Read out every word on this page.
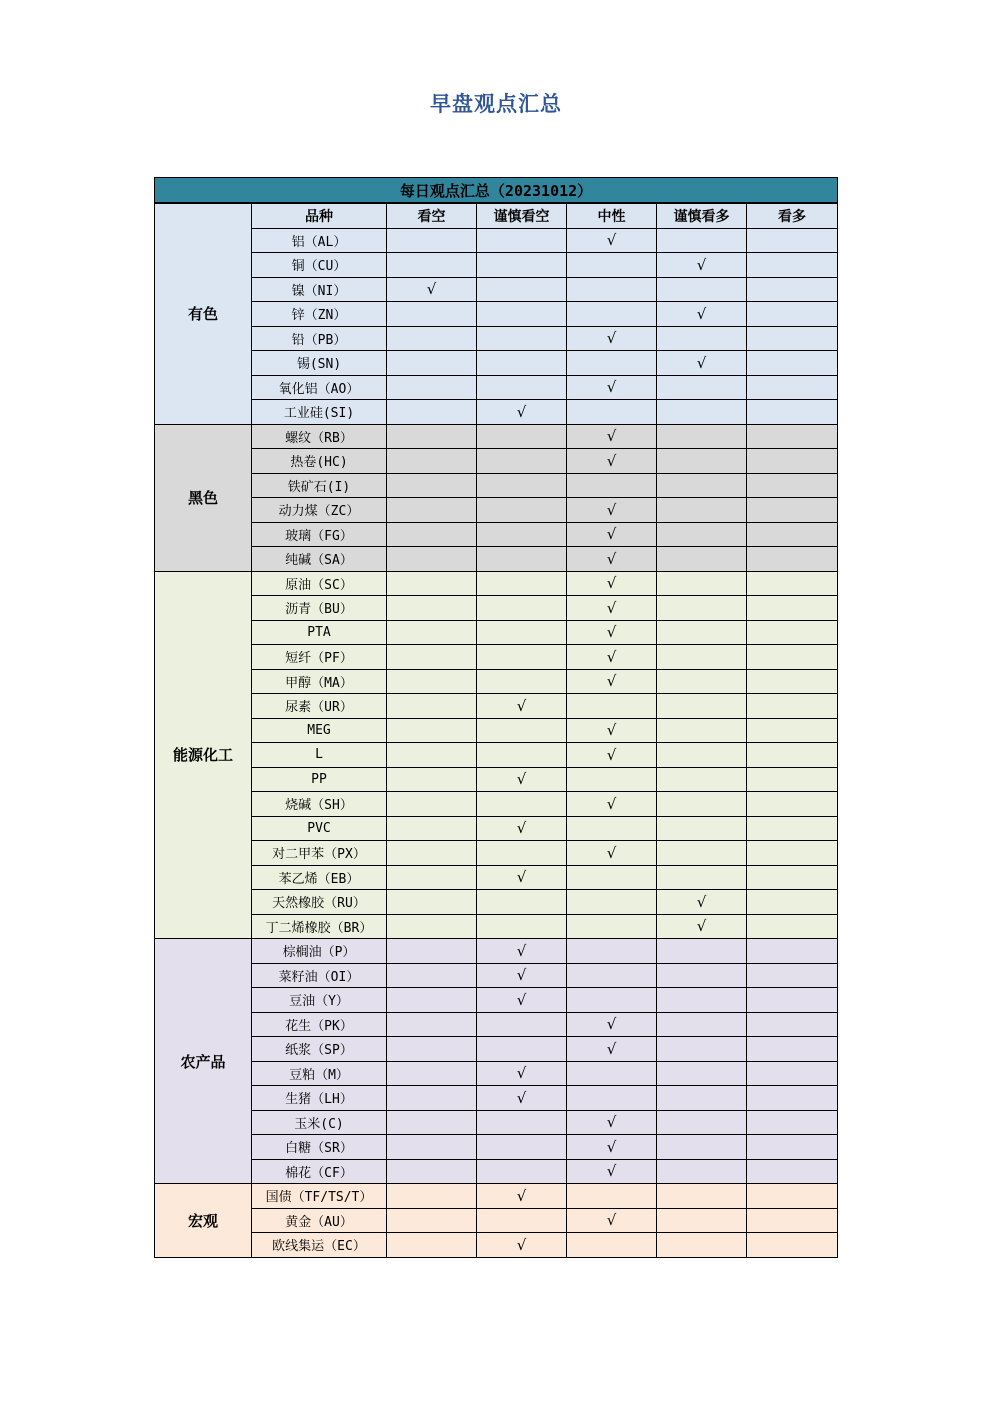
早盘观点汇总
每日观点汇总（20231012）						
有色	品种	看空	谨慎看空	中性	谨慎看多	看多
	铝（AL）			√		
	铜（CU）				√	
	镍（NI）	√				
	锌（ZN）				√	
	铅（PB）			√		
	锡(SN)				√	
	氧化铝（AO）			√		
	工业硅(SI)		√			
黑色	螺纹（RB）			√		
	热卷(HC)			√		
	铁矿石(I)					
	动力煤（ZC）			√		
	玻璃（FG）			√		
	纯碱（SA）			√		
能源化工	原油（SC）			√		
	沥青（BU）			√		
	PTA			√		
	短纤（PF）			√		
	甲醇（MA）			√		
	尿素（UR）		√			
	MEG			√		
	L			√		
	PP		√			
	烧碱（SH）			√		
	PVC		√			
	对二甲苯（PX）			√		
	苯乙烯（EB）		√			
	天然橡胶（RU）				√	
	丁二烯橡胶（BR）				√	
农产品	棕榈油（P）		√			
	菜籽油（OI）		√			
	豆油（Y）		√			
	花生（PK）			√		
	纸浆（SP）			√		
	豆粕（M）		√			
	生猪（LH）		√			
	玉米(C)			√		
	白糖（SR）			√		
	棉花（CF）			√		
宏观	国债（TF/TS/T）		√			
	黄金（AU）			√		
	欧线集运（EC）		√			
